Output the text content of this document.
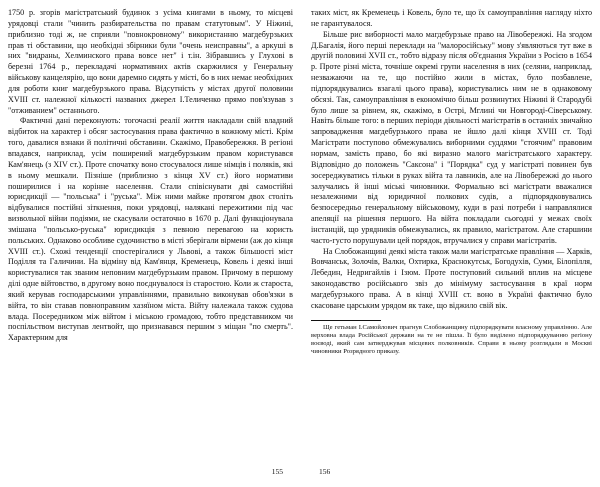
1750 р. згорів магістратський будинок з усіма книгами в ньому, то місцеві урядовці стали "чинить разбирательства по правам статутовым". У Ніжині, приблизно тоді ж, не сприяли "повнокровному" використанню магдебурзьких прав ті обставини, що необхідні збірники були "очень неисправны", а аркуші в них "видраны, Хелминского права вовсе нет" і т.ін. Зібравшись у Глухові в березні 1764 р., перекладачі нормативних актів скаржилися у Генеральну військову канцелярію, що вони даремно сидять у місті, бо в них немає необхідних для роботи книг магдебурзького права. Відсутність у містах другої половини XVIII ст. належної кількості названих джерел І.Теличенко прямо пов'язував з "отживанием" останнього.

Фактичні дані переконують: тогочасні реалії життя накладали свій владний відбиток на характер і обсяг застосування права фактично в кожному місті. Крім того, давалися взнаки й політичні обставини. Скажімо, Правобережжя. В регіоні впадався, наприклад, усім поширений магдебурзьким правом користувався Кам'янець (з XIV ст.). Проте спочатку воно стосувалося лише німців і поляків, які в ньому мешкали. Пізніше (приблизно з кінця XV ст.) його нормативи поширилися і на корінне населення. Стали співіснувати дві самостійні юрисдикції — "польська" і "руська". Між ними майже протягом двох століть відбувалися постійні зіткнення, поки урядовці, налякані пережитими під час визвольної війни подіями, не скасували остаточно в 1670 р. Далі функціонувала змішана "польсько-руська" юрисдикція з певною перевагою на користь польських. Однаково особливе судочинство в місті зберігали вірмени (аж до кінця XVIII ст.). Схожі тенденції спостерігалися у Львові, а також більшості міст Поділля та Галичини. На відміну від Кам'янця, Кременець, Ковель і деякі інші користувалися так званим неповним магдебурзьким правом. Причому в першому ділі одне війтовство, в другому воно поєднувалося із старостою. Коли ж староста, який керував господарськими управліннями, правильно виконував обов'язки в війта, то він ставав повноправним хазяїном міста. Війту належала також судова влада. Посередником між війтом і міською громадою, тобто представником чи поспільством виступав лентвойт, що признавався першим з міщан "по смерть". Характерним для

155

таких міст, як Кременець і Ковель, було те, що їх самоуправління нагляду ніхто не гарантувалося.

Більше рис виборності мало магдебурзьке право на Лівобережжі. На згодом Д.Багалія, його перші переклади на "малоросійську" мову з'являються тут вже в другій половині XVII ст., тобто відразу після об'єднання України з Росією в 1654 р. Проте різні міста, точніше окремі групи населення в них (селяни, наприклад, незважаючи на те, що постійно жили в містах, було позбавлене, підпорядкувались взагалі цього права), користувались ним не в однаковому обсязі. Так, самоуправління в економічно більш розвинутих Ніжині й Стародубі було лише за рівнем, як, скажімо, в Острі, Мглині чи Новгороді-Сіверському. Навіть більше того: в перших періоди діяльності магістратів в останніх звичайно запровадження магдебурзького права не йшло далі кінця XVIII ст. Тоді Магістрати поступово обмежувались виборними суддями "стоячим" правовим нормам, замість право, бо які виразно малого магістратського характеру. Відповідно до положень "Саксона" і "Порядка" суд у магістраті повинен був зосереджуватись тільки в руках війта та лавників, але на Лівобережжі до нього залучались й інші міські чиновники. Формально всі магістрати вважалися незалежними від юридичної полкових судів, а підпорядковувались безпосередньо генеральному військовому, куди в разі потреби і направлялися апеляції на рішення першого. На війта покладали сьогодні у межах своїх інстанцій, що урядників обмежувались, як правило, магістратом. Але старшини часто-густо порушували цей порядок, втручалися у справи магістратів.

На Слобожанщині деякі міста також мали магістратське правління — Харків, Вовчанськ, Золочів, Валки, Охтирка, Краснокутськ, Богодухів, Суми, Білопілля, Лебедин, Недригайлів і Ізюм. Проте поступовий сильний вплив на місцеве законодавство російського звіз до мінімуму застосування в краї норм магдебурзького права. А в кінці XVIII ст. воно в Україні фактично було скасоване царським урядом як таке, що віджило свій вік.

Ще гетьман І.Самойлович прагнув Слобожанщину підпорядкувати власному управлінню. Але верховна влада Російської держави на те не пішла. Її було виділено підпорядкуванню регіону воєводі, який сам затверджував місцевих полковників. Справи в ньому розглядали в Москві чиновники Розрядного приказу.

156
